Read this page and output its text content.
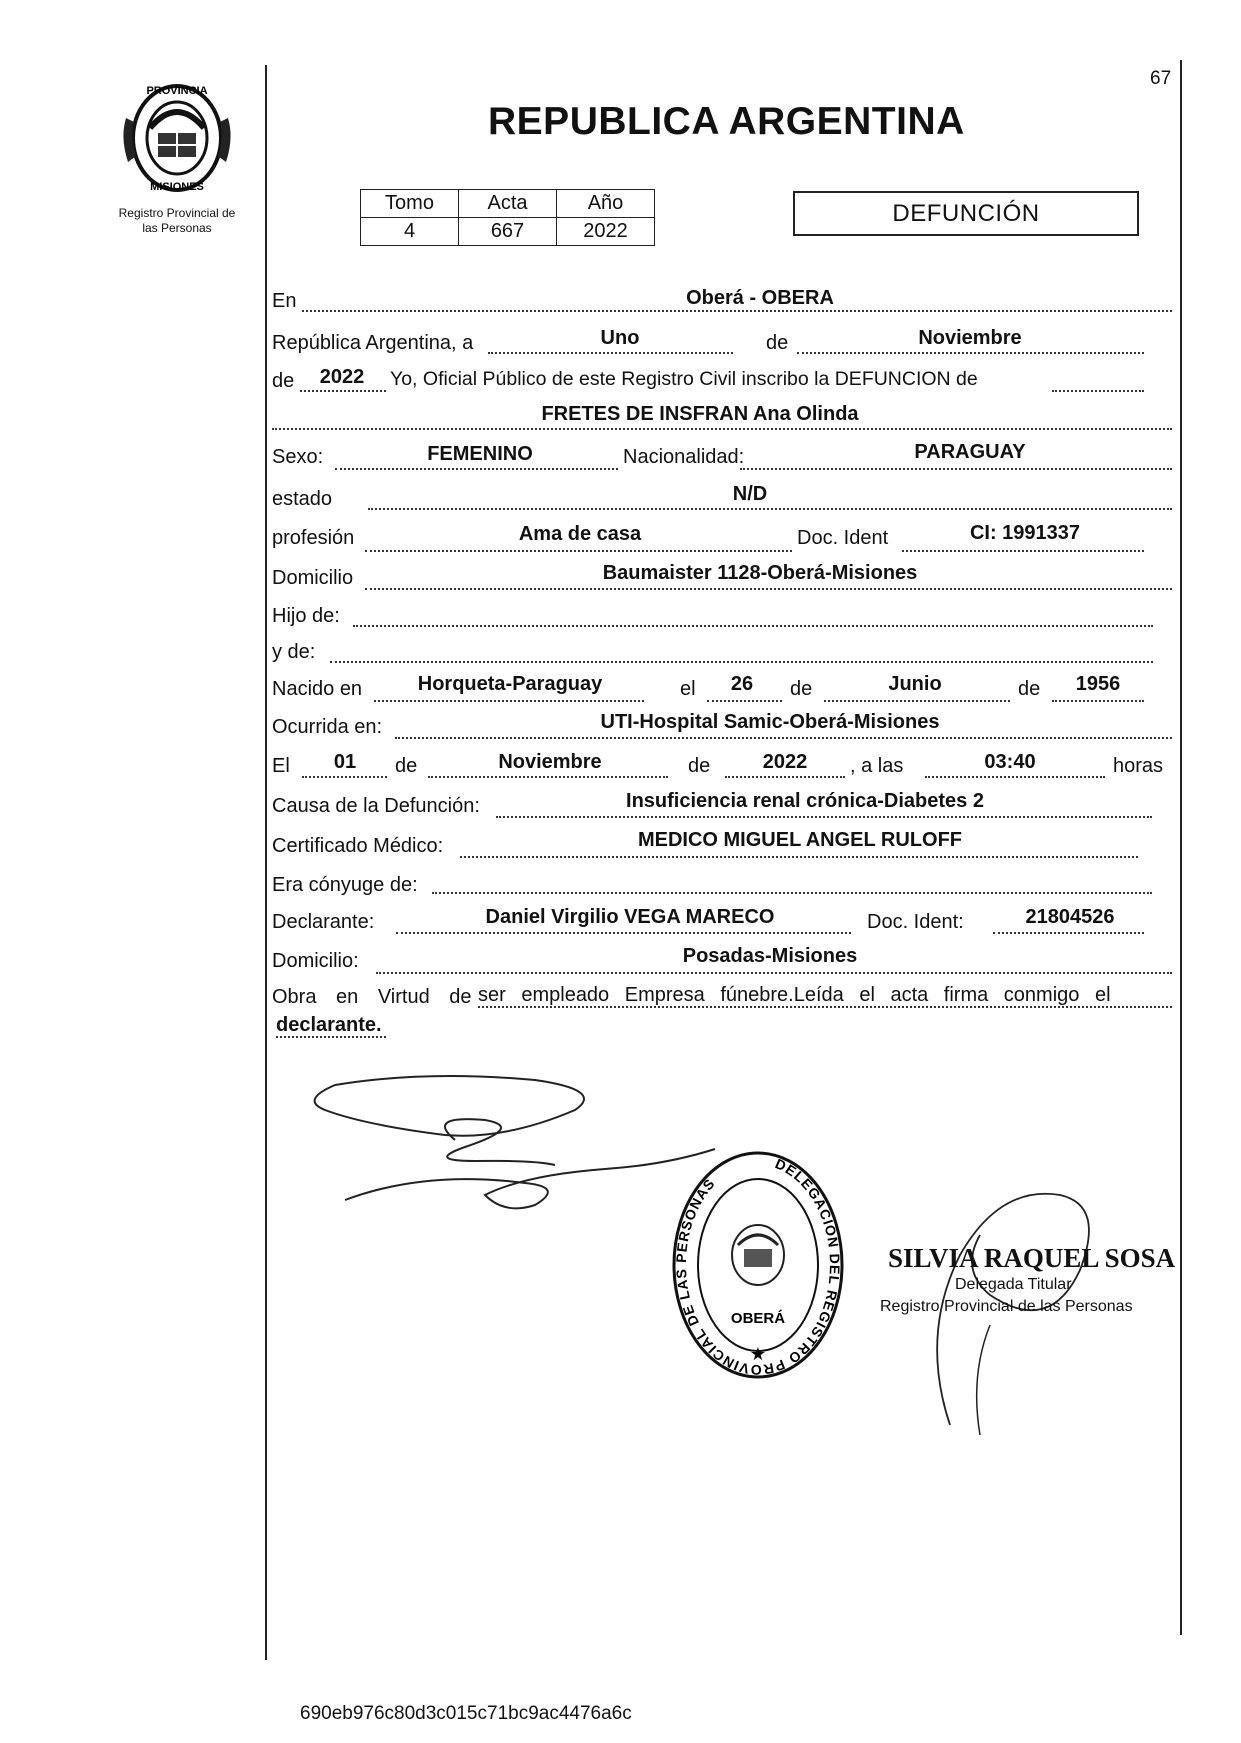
PROVINCIA
MISIONES
Registro Provincial de
las Personas
67
REPUBLICA ARGENTINA
Tomo	Acta	Año
4	667	2022
DEFUNCIÓN
En	Oberá - OBERA
República Argentina, a	Uno	de	Noviembre
de	2022	Yo, Oficial Público de este Registro Civil inscribo la DEFUNCION de
FRETES DE INSFRAN Ana Olinda
Sexo:	FEMENINO	Nacionalidad:	PARAGUAY
estado	N/D
profesión	Ama de casa	Doc. Ident	CI: 1991337
Domicilio	Baumaister 1128-Oberá-Misiones
Hijo de:
y de:
Nacido en	Horqueta-Paraguay	el	26	de	Junio	de	1956
Ocurrida en:	UTI-Hospital Samic-Oberá-Misiones
El	01	de	Noviembre	de	2022	, a las	03:40	horas
Causa de la Defunción:	Insuficiencia renal crónica-Diabetes 2
Certificado Médico:	MEDICO MIGUEL ANGEL RULOFF
Era cónyuge de:
Declarante:	Daniel Virgilio VEGA MARECO	Doc. Ident:	21804526
Domicilio:	Posadas-Misiones
Obra en Virtud de ser empleado Empresa fúnebre.Leída el acta firma conmigo el
declarante.
DELEGACION DEL REGISTRO PROVINCIAL DE LAS PERSONAS
OBERÁ
★
SILVIA RAQUEL SOSA
Delegada Titular
Registro Provincial de las Personas
690eb976c80d3c015c71bc9ac4476a6c
